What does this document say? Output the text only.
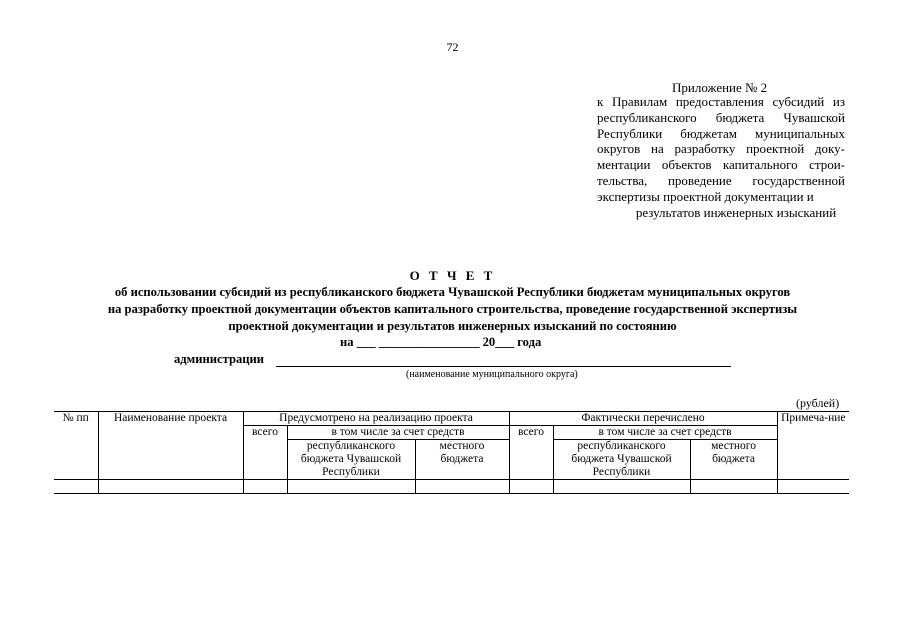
72
Приложение № 2
к Правилам предоставления субсидий из республиканского бюджета Чувашской Республики бюджетам муниципальных округов на разработку проектной доку-ментации объектов капитального строи-тельства, проведение государственной экспертизы проектной документации и
результатов инженерных изысканий
О Т Ч Е Т
об использовании субсидий из республиканского бюджета Чувашской Республики бюджетам муниципальных округов
на разработку проектной документации объектов капитального строительства, проведение государственной экспертизы
проектной документации и результатов инженерных изысканий по состоянию
на ___ ________________ 20___ года
администрации
(наименование муниципального округа)
(рублей)
№ пп	Наименование проекта	Предусмотрено на реализацию проекта			Фактически перечислено			Примеча-ние
		всего	в том числе за счет средств		всего	в том числе за счет средств		
			республиканского бюджета Чувашской Республики	местного бюджета		республиканского бюджета Чувашской Республики	местного бюджета	
